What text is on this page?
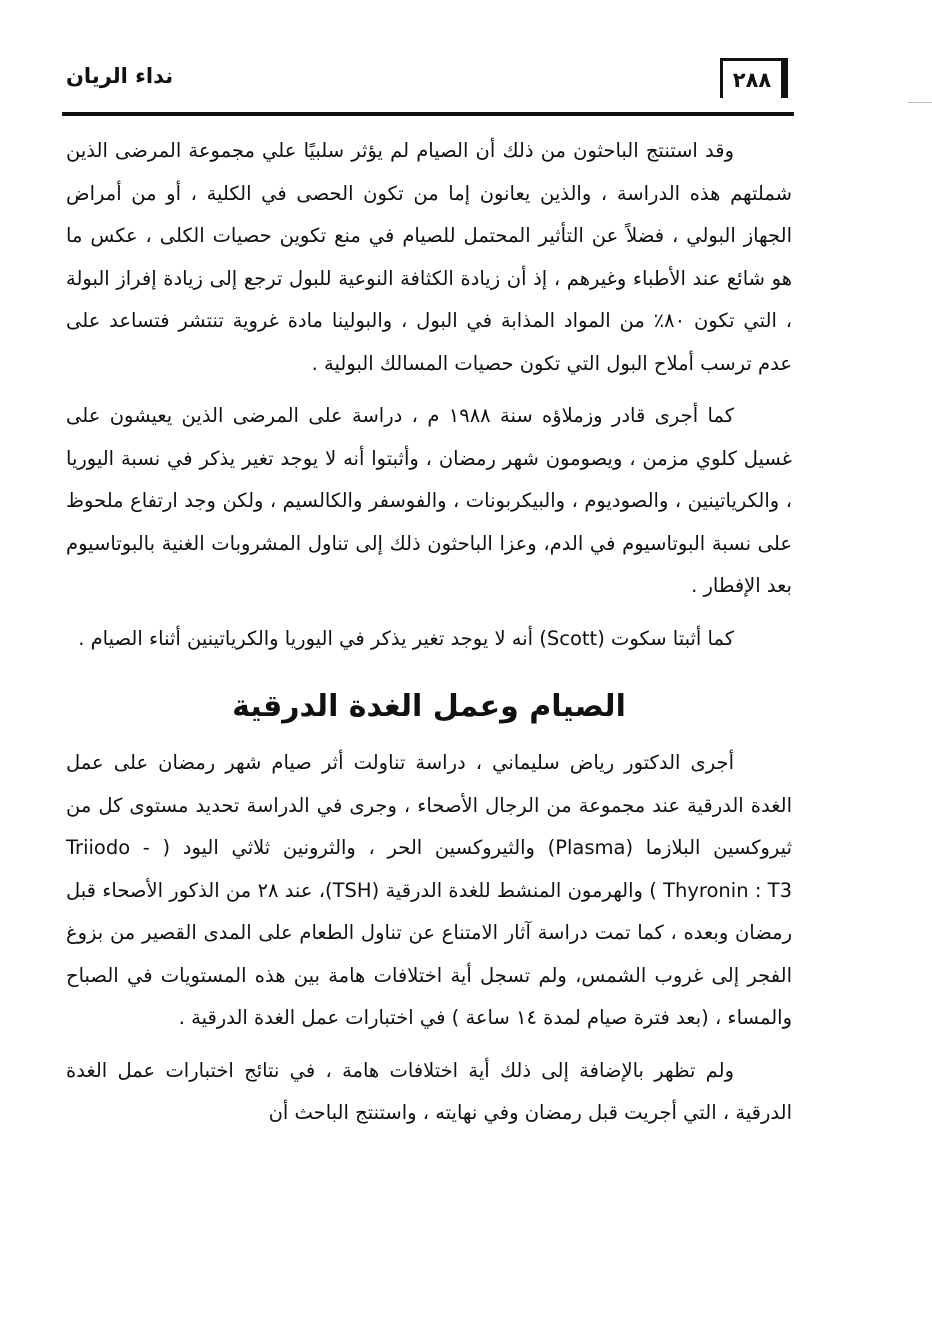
نداء الريان	٢٨٨

وقد استنتج الباحثون من ذلك أن الصيام لم يؤثر سلبيًا علي مجموعة المرضى الذين شملتهم هذه الدراسة ، والذين يعانون إما من تكون الحصى في الكلية ، أو من أمراض الجهاز البولي ، فضلاً عن التأثير المحتمل للصيام في منع تكوين حصيات الكلى ، عكس ما هو شائع عند الأطباء وغيرهم ، إذ أن زيادة الكثافة النوعية للبول ترجع إلى زيادة إفراز البولة ، التي تكون ٨٠٪ من المواد المذابة في البول ، والبولينا مادة غروية تنتشر فتساعد على عدم ترسب أملاح البول التي تكون حصيات المسالك البولية .

كما أجرى قادر وزملاؤه سنة ١٩٨٨ م ، دراسة على المرضى الذين يعيشون على غسيل كلوي مزمن ، ويصومون شهر رمضان ، وأثبتوا أنه لا يوجد تغير يذكر في نسبة اليوريا ، والكرياتينين ، والصوديوم ، والبيكربونات ، والفوسفر والكالسيم ، ولكن وجد ارتفاع ملحوظ على نسبة البوتاسيوم في الدم، وعزا الباحثون ذلك إلى تناول المشروبات الغنية بالبوتاسيوم بعد الإفطار .

كما أثبتا سكوت (Scott) أنه لا يوجد تغير يذكر في اليوريا والكرياتينين أثناء الصيام .

الصيام وعمل الغدة الدرقية

أجرى الدكتور رياض سليماني ، دراسة تناولت أثر صيام شهر رمضان على عمل الغدة الدرقية عند مجموعة من الرجال الأصحاء ، وجرى في الدراسة تحديد مستوى كل من ثيروكسين البلازما (Plasma) والثيروكسين الحر ، والثرونين ثلاثي اليود ( Triiodo - Thyronin : T3 ) والهرمون المنشط للغدة الدرقية (TSH)، عند ٢٨ من الذكور الأصحاء قبل رمضان وبعده ، كما تمت دراسة آثار الامتناع عن تناول الطعام على المدى القصير من بزوغ الفجر إلى غروب الشمس، ولم تسجل أية اختلافات هامة بين هذه المستويات في الصباح والمساء ، (بعد فترة صيام لمدة ١٤ ساعة ) في اختبارات عمل الغدة الدرقية .

ولم تظهر بالإضافة إلى ذلك أية اختلافات هامة ، في نتائج اختبارات عمل الغدة الدرقية ، التي أجريت قبل رمضان وفي نهايته ، واستنتج الباحث أن
